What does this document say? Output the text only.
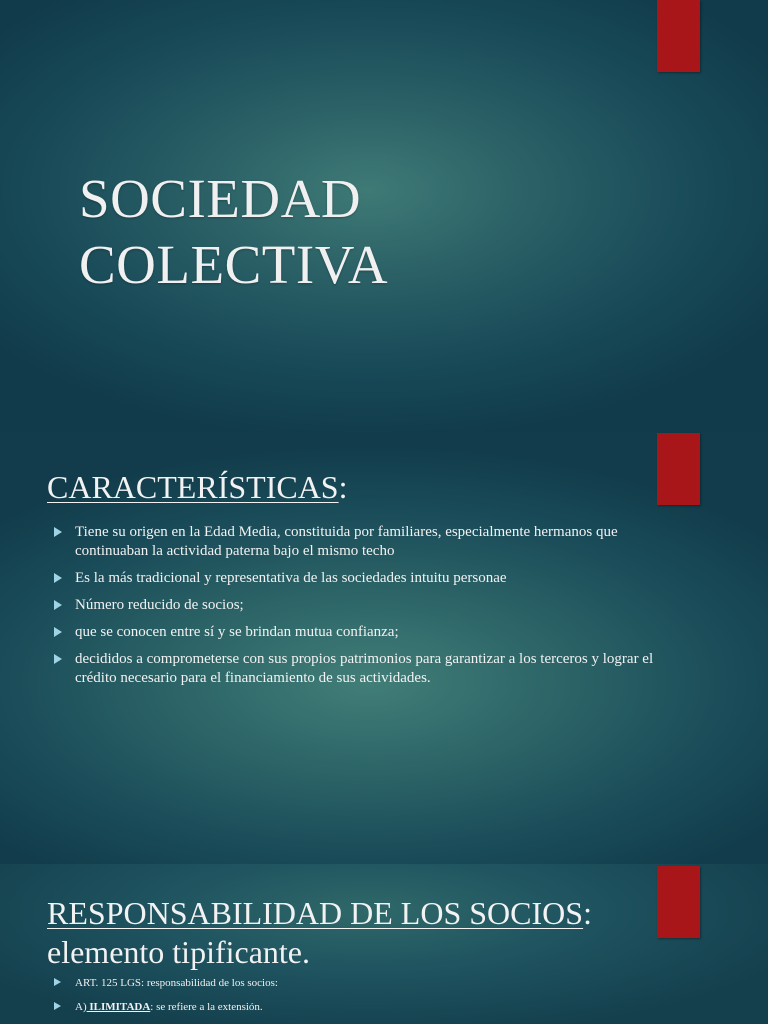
SOCIEDAD
COLECTIVA
CARACTERÍSTICAS:
Tiene su origen en la Edad Media, constituida por familiares, especialmente hermanos que continuaban la actividad paterna bajo el mismo techo
Es la más tradicional y representativa de las sociedades intuitu personae
Número reducido de socios;
que se conocen entre sí y se brindan mutua confianza;
decididos a comprometerse con sus propios patrimonios para garantizar a los terceros y lograr el crédito necesario para el financiamiento de sus actividades.
RESPONSABILIDAD DE LOS SOCIOS:
elemento tipificante.
ART. 125 LGS: responsabilidad de los socios:
A) ILIMITADA: se refiere a la extensión.
